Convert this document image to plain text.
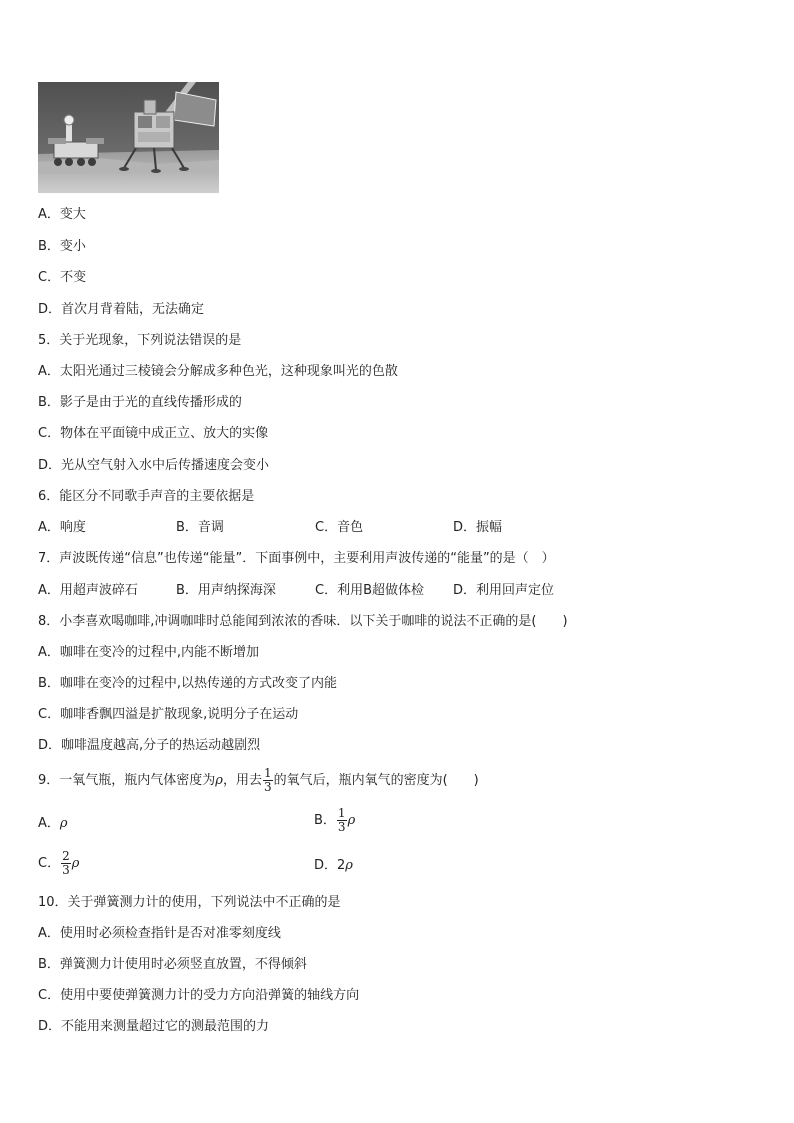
A．变大
B．变小
C．不变
D．首次月背着陆，无法确定
5．关于光现象，下列说法错误的是
A．太阳光通过三棱镜会分解成多种色光，这种现象叫光的色散
B．影子是由于光的直线传播形成的
C．物体在平面镜中成正立、放大的实像
D．光从空气射入水中后传播速度会变小
6．能区分不同歌手声音的主要依据是
A．响度	B．音调	C．音色	D．振幅
7．声波既传递“信息”也传递“能量”．下面事例中，主要利用声波传递的“能量”的是（　）
A．用超声波碎石	B．用声纳探海深	C．利用B超做体检 D．利用回声定位
8．小李喜欢喝咖啡,冲调咖啡时总能闻到浓浓的香味．以下关于咖啡的说法不正确的是(　　)
A．咖啡在变冷的过程中,内能不断增加
B．咖啡在变冷的过程中,以热传递的方式改变了内能
C．咖啡香飘四溢是扩散现象,说明分子在运动
D．咖啡温度越高,分子的热运动越剧烈
9．一氧气瓶，瓶内气体密度为ρ，用去 $\frac{1}{3}$ 的氧气后，瓶内氧气的密度为(　　)
A．ρ	B． $\frac{1}{3}$ ρ
C． $\frac{2}{3}$ ρ	D．2ρ
10．关于弹簧测力计的使用，下列说法中不正确的是
A．使用时必须检查指针是否对准零刻度线
B．弹簧测力计使用时必须竖直放置，不得倾斜
C．使用中要使弹簧测力计的受力方向沿弹簧的轴线方向
D．不能用来测量超过它的测最范围的力
